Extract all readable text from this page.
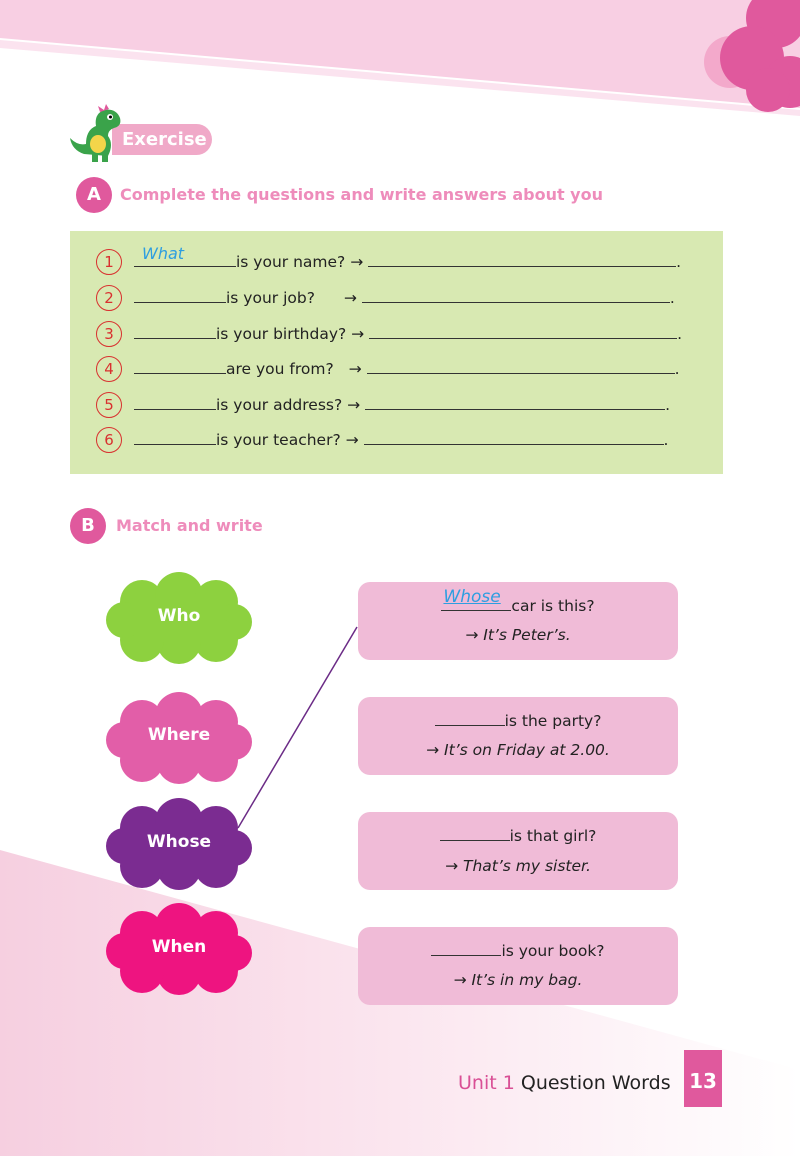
Exercise
A	Complete the questions and write answers about you
1	What	is your name? →	.
2	is your job? →	.
3	is your birthday? →	.
4	are you from? →	.
5	is your address? →	.
6	is your teacher? →	.
B	Match and write
Who
Where
Whose
When
Whose car is this?
→ It’s Peter’s.
is the party?
→ It’s on Friday at 2.00.
is that girl?
→ That’s my sister.
is your book?
→ It’s in my bag.
Unit 1 Question Words 13
